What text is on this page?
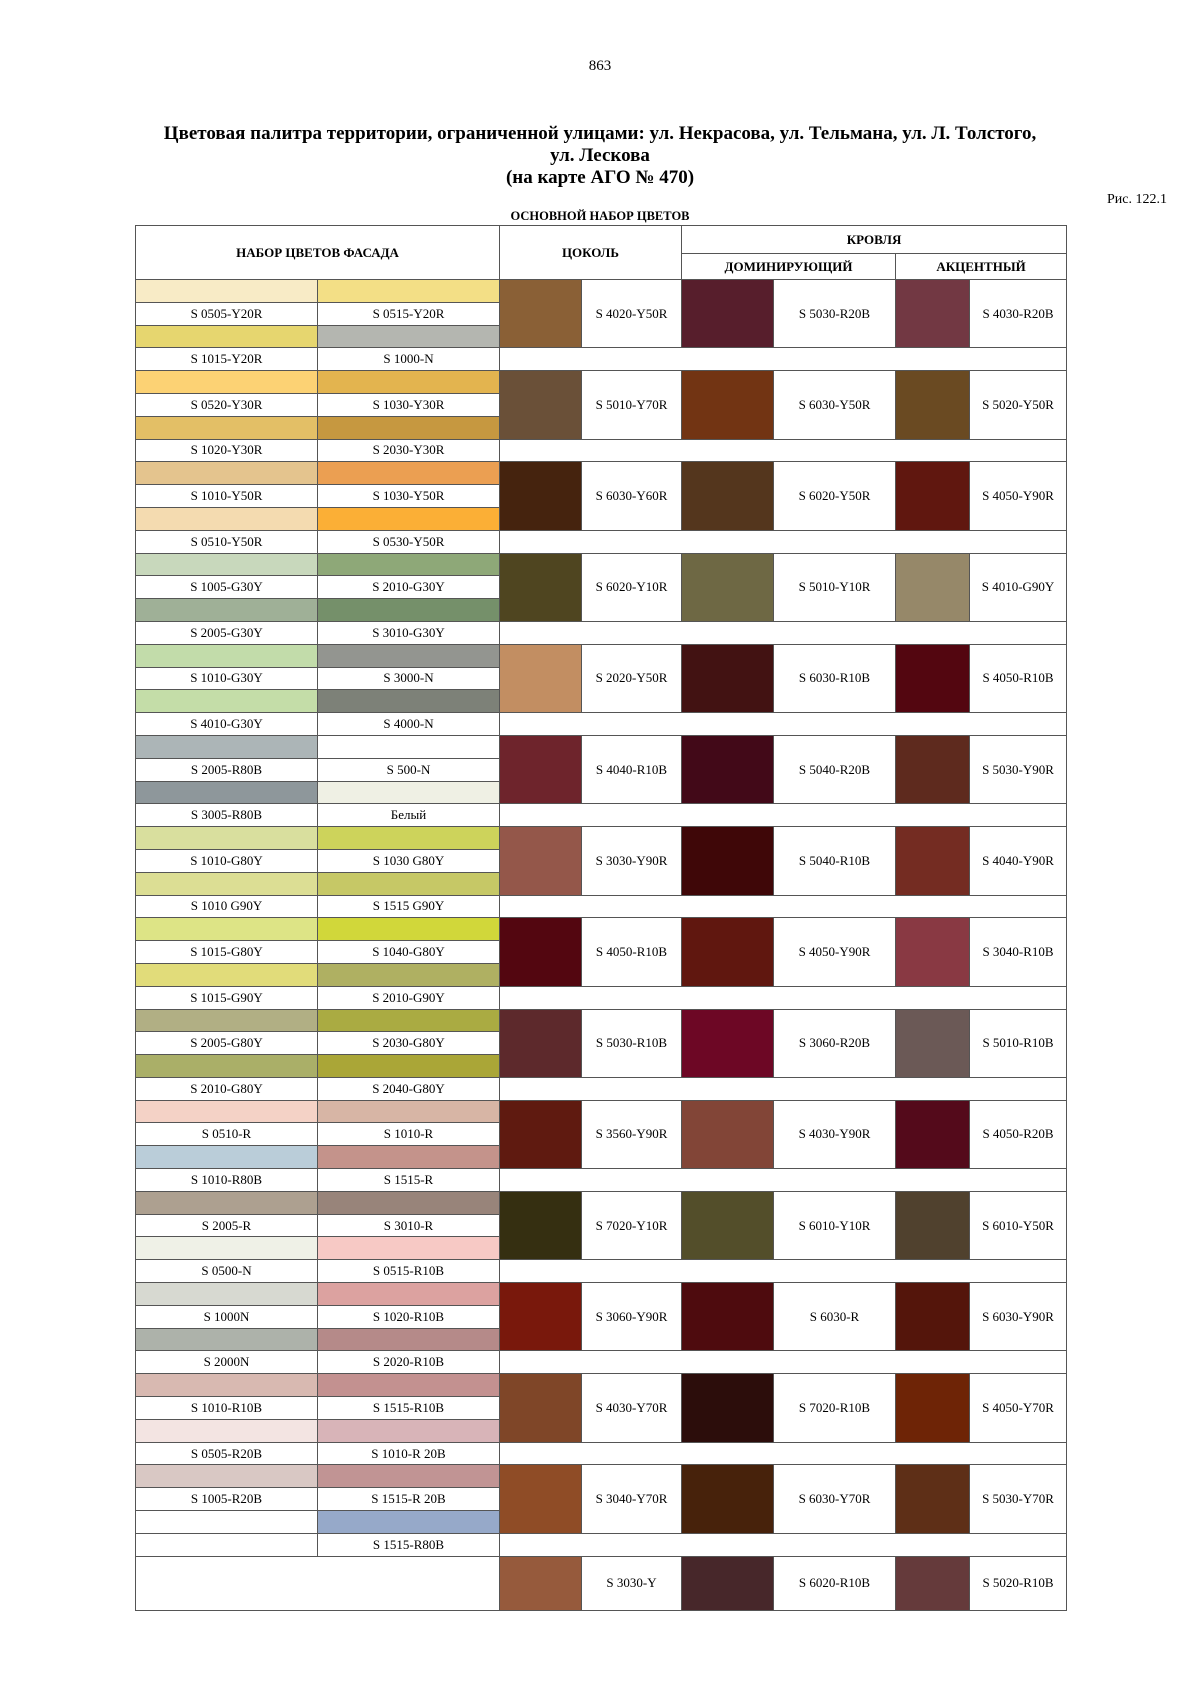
863
Цветовая палитра территории, ограниченной улицами: ул. Некрасова, ул. Тельмана, ул. Л. Толстого,
ул. Лескова
(на карте АГО № 470)
Рис. 122.1
ОСНОВНОЙ НАБОР ЦВЕТОВ
НАБОР ЦВЕТОВ ФАСАДА		ЦОКОЛЬ		КРОВЛЯ			
				ДОМИНИРУЮЩИЙ		АКЦЕНТНЫЙ	
			S 4020-Y50R		S 5030-R20B		S 4030-R20B
S 0505-Y20R	S 0515-Y20R						

S 1015-Y20R	S 1000-N						
			S 5010-Y70R		S 6030-Y50R		S 5020-Y50R
S 0520-Y30R	S 1030-Y30R						

S 1020-Y30R	S 2030-Y30R						
			S 6030-Y60R		S 6020-Y50R		S 4050-Y90R
S 1010-Y50R	S 1030-Y50R						

S 0510-Y50R	S 0530-Y50R						
			S 6020-Y10R		S 5010-Y10R		S 4010-G90Y
S 1005-G30Y	S 2010-G30Y						

S 2005-G30Y	S 3010-G30Y						
			S 2020-Y50R		S 6030-R10B		S 4050-R10B
S 1010-G30Y	S 3000-N						

S 4010-G30Y	S 4000-N						
			S 4040-R10B		S 5040-R20B		S 5030-Y90R
S 2005-R80B	S 500-N						

S 3005-R80B	Белый						
			S 3030-Y90R		S 5040-R10B		S 4040-Y90R
S 1010-G80Y	S 1030 G80Y						

S 1010 G90Y	S 1515 G90Y						
			S 4050-R10B		S 4050-Y90R		S 3040-R10B
S 1015-G80Y	S 1040-G80Y						

S 1015-G90Y	S 2010-G90Y						
			S 5030-R10B		S 3060-R20B		S 5010-R10B
S 2005-G80Y	S 2030-G80Y						

S 2010-G80Y	S 2040-G80Y						
			S 3560-Y90R		S 4030-Y90R		S 4050-R20B
S 0510-R	S 1010-R						

S 1010-R80B	S 1515-R						
			S 7020-Y10R		S 6010-Y10R		S 6010-Y50R
S 2005-R	S 3010-R						

S 0500-N	S 0515-R10B						
			S 3060-Y90R		S 6030-R		S 6030-Y90R
S 1000N	S 1020-R10B						

S 2000N	S 2020-R10B						
			S 4030-Y70R		S 7020-R10B		S 4050-Y70R
S 1010-R10B	S 1515-R10B						

S 0505-R20B	S 1010-R 20B						
			S 3040-Y70R		S 6030-Y70R		S 5030-Y70R
S 1005-R20B	S 1515-R 20B						

	S 1515-R80B						
			S 3030-Y		S 6020-R10B		S 5020-R10B
